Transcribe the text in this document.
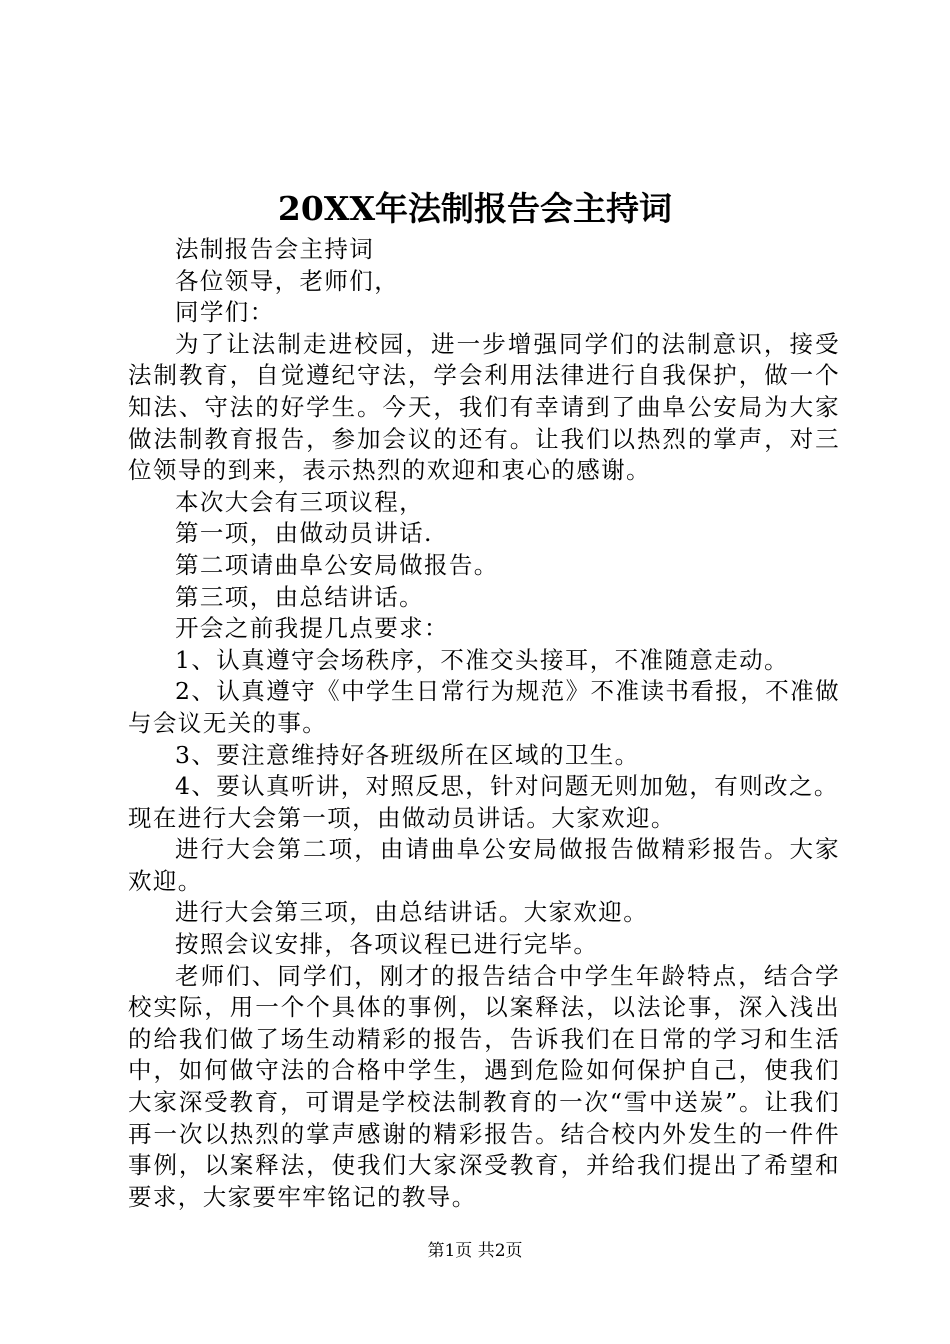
20XX年法制报告会主持词

法制报告会主持词

各位领导，老师们，

同学们：

为了让法制走进校园，进一步增强同学们的法制意识，接受法制教育，自觉遵纪守法，学会利用法律进行自我保护，做一个知法、守法的好学生。今天，我们有幸请到了曲阜公安局为大家做法制教育报告，参加会议的还有。让我们以热烈的掌声，对三位领导的到来，表示热烈的欢迎和衷心的感谢。

本次大会有三项议程，

第一项，由做动员讲话.

第二项请曲阜公安局做报告。

第三项，由总结讲话。

开会之前我提几点要求：

1、认真遵守会场秩序，不准交头接耳，不准随意走动。

2、认真遵守《中学生日常行为规范》不准读书看报，不准做与会议无关的事。

3、要注意维持好各班级所在区域的卫生。

4、要认真听讲，对照反思，针对问题无则加勉，有则改之。

现在进行大会第一项，由做动员讲话。大家欢迎。

进行大会第二项，由请曲阜公安局做报告做精彩报告。大家欢迎。

进行大会第三项，由总结讲话。大家欢迎。

按照会议安排，各项议程已进行完毕。

老师们、同学们，刚才的报告结合中学生年龄特点，结合学校实际，用一个个具体的事例，以案释法，以法论事，深入浅出的给我们做了场生动精彩的报告，告诉我们在日常的学习和生活中，如何做守法的合格中学生，遇到危险如何保护自己，使我们大家深受教育，可谓是学校法制教育的一次“雪中送炭”。让我们再一次以热烈的掌声感谢的精彩报告。结合校内外发生的一件件事例，以案释法，使我们大家深受教育，并给我们提出了希望和要求，大家要牢牢铭记的教导。

第1页 共2页
